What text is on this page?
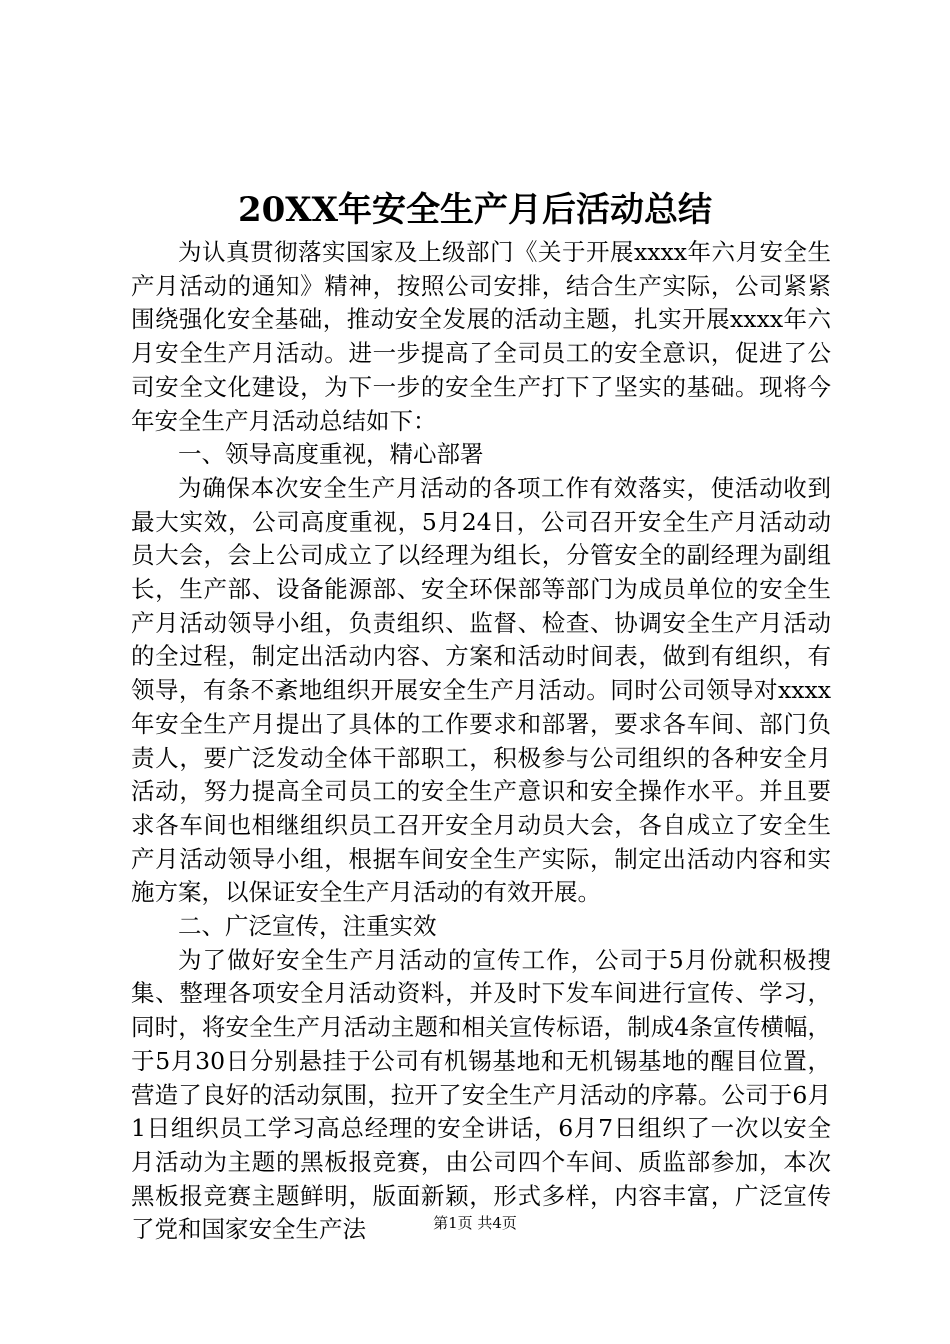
20XX年安全生产月后活动总结

为认真贯彻落实国家及上级部门《关于开展xxxx年六月安全生产月活动的通知》精神，按照公司安排，结合生产实际，公司紧紧围绕强化安全基础，推动安全发展的活动主题，扎实开展xxxx年六月安全生产月活动。进一步提高了全司员工的安全意识，促进了公司安全文化建设，为下一步的安全生产打下了坚实的基础。现将今年安全生产月活动总结如下：

一、领导高度重视，精心部署

为确保本次安全生产月活动的各项工作有效落实，使活动收到最大实效，公司高度重视，5月24日，公司召开安全生产月活动动员大会，会上公司成立了以经理为组长，分管安全的副经理为副组长，生产部、设备能源部、安全环保部等部门为成员单位的安全生产月活动领导小组，负责组织、监督、检查、协调安全生产月活动的全过程，制定出活动内容、方案和活动时间表，做到有组织，有领导，有条不紊地组织开展安全生产月活动。同时公司领导对xxxx年安全生产月提出了具体的工作要求和部署，要求各车间、部门负责人，要广泛发动全体干部职工，积极参与公司组织的各种安全月活动，努力提高全司员工的安全生产意识和安全操作水平。并且要求各车间也相继组织员工召开安全月动员大会，各自成立了安全生产月活动领导小组，根据车间安全生产实际，制定出活动内容和实施方案，以保证安全生产月活动的有效开展。

二、广泛宣传，注重实效

为了做好安全生产月活动的宣传工作，公司于5月份就积极搜集、整理各项安全月活动资料，并及时下发车间进行宣传、学习，同时，将安全生产月活动主题和相关宣传标语，制成4条宣传横幅，于5月30日分别悬挂于公司有机锡基地和无机锡基地的醒目位置，营造了良好的活动氛围，拉开了安全生产月活动的序幕。公司于6月1日组织员工学习高总经理的安全讲话，6月7日组织了一次以安全月活动为主题的黑板报竞赛，由公司四个车间、质监部参加，本次黑板报竞赛主题鲜明，版面新颖，形式多样，内容丰富，广泛宣传了党和国家安全生产法	第1页 共4页
